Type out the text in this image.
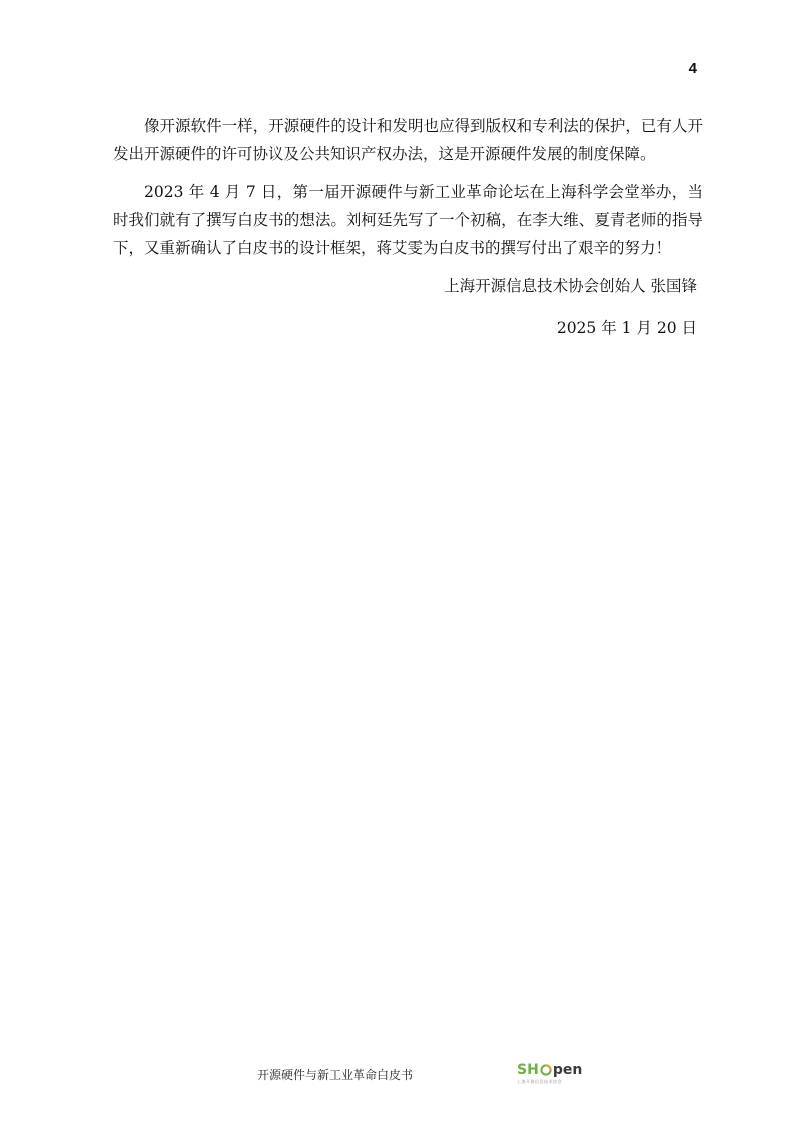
4

像开源软件一样，开源硬件的设计和发明也应得到版权和专利法的保护，已有人开发出开源硬件的许可协议及公共知识产权办法，这是开源硬件发展的制度保障。

2023 年 4 月 7 日，第一届开源硬件与新工业革命论坛在上海科学会堂举办，当时我们就有了撰写白皮书的想法。刘柯廷先写了一个初稿，在李大维、夏青老师的指导下，又重新确认了白皮书的设计框架，蒋艾雯为白皮书的撰写付出了艰辛的努力！

上海开源信息技术协会创始人 张国锋
2025 年 1 月 20 日
开源硬件与新工业革命白皮书	SH pen
上海开源信息技术协会
